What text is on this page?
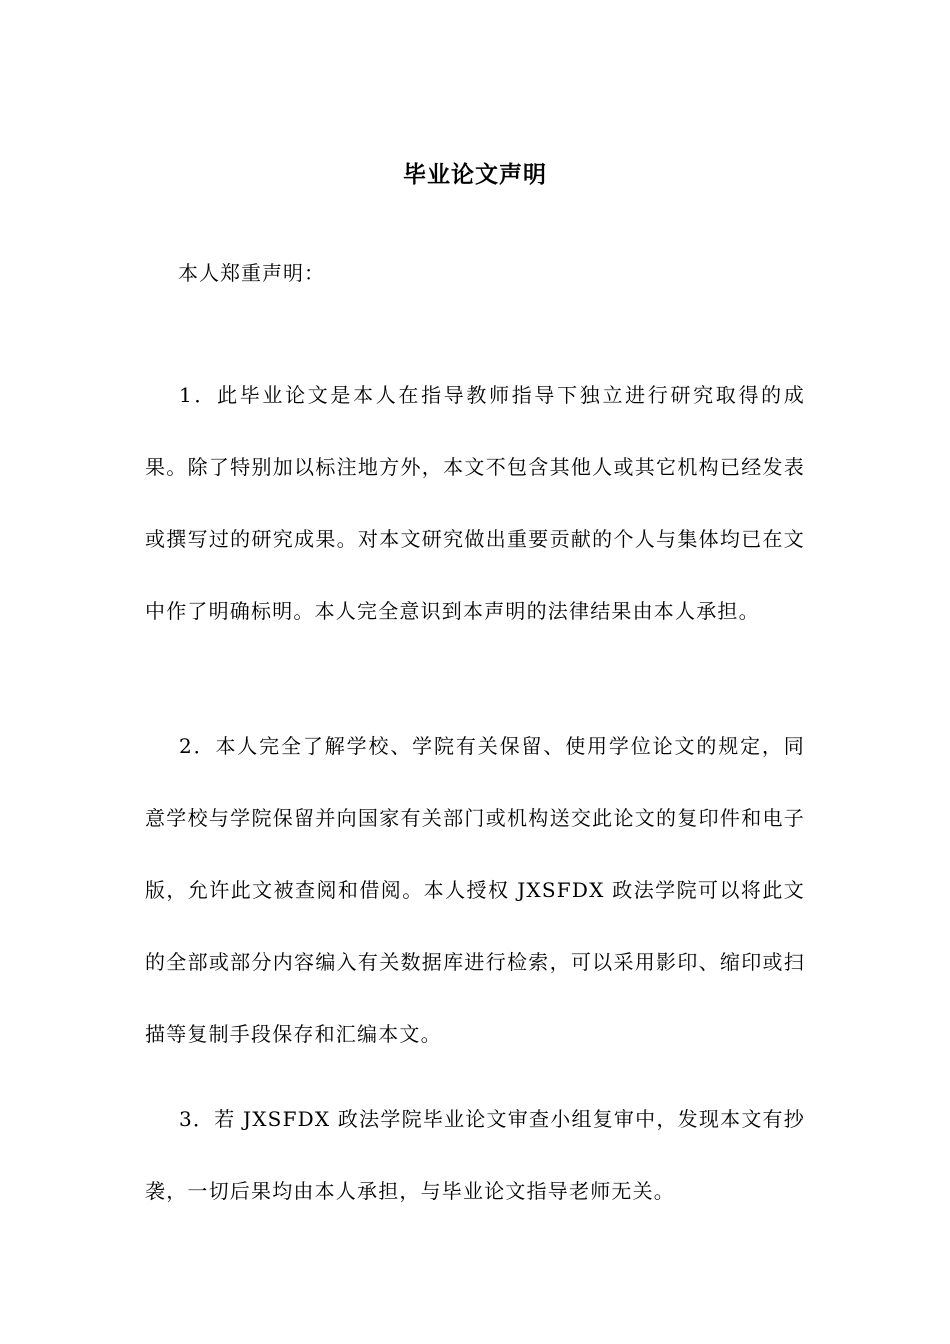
毕业论文声明
本人郑重声明：

1．此毕业论文是本人在指导教师指导下独立进行研究取得的成果。除了特别加以标注地方外，本文不包含其他人或其它机构已经发表或撰写过的研究成果。对本文研究做出重要贡献的个人与集体均已在文中作了明确标明。本人完全意识到本声明的法律结果由本人承担。

2．本人完全了解学校、学院有关保留、使用学位论文的规定，同意学校与学院保留并向国家有关部门或机构送交此论文的复印件和电子版，允许此文被查阅和借阅。本人授权 JXSFDX 政法学院可以将此文的全部或部分内容编入有关数据库进行检索，可以采用影印、缩印或扫描等复制手段保存和汇编本文。

3．若 JXSFDX 政法学院毕业论文审查小组复审中，发现本文有抄袭，一切后果均由本人承担，与毕业论文指导老师无关。
